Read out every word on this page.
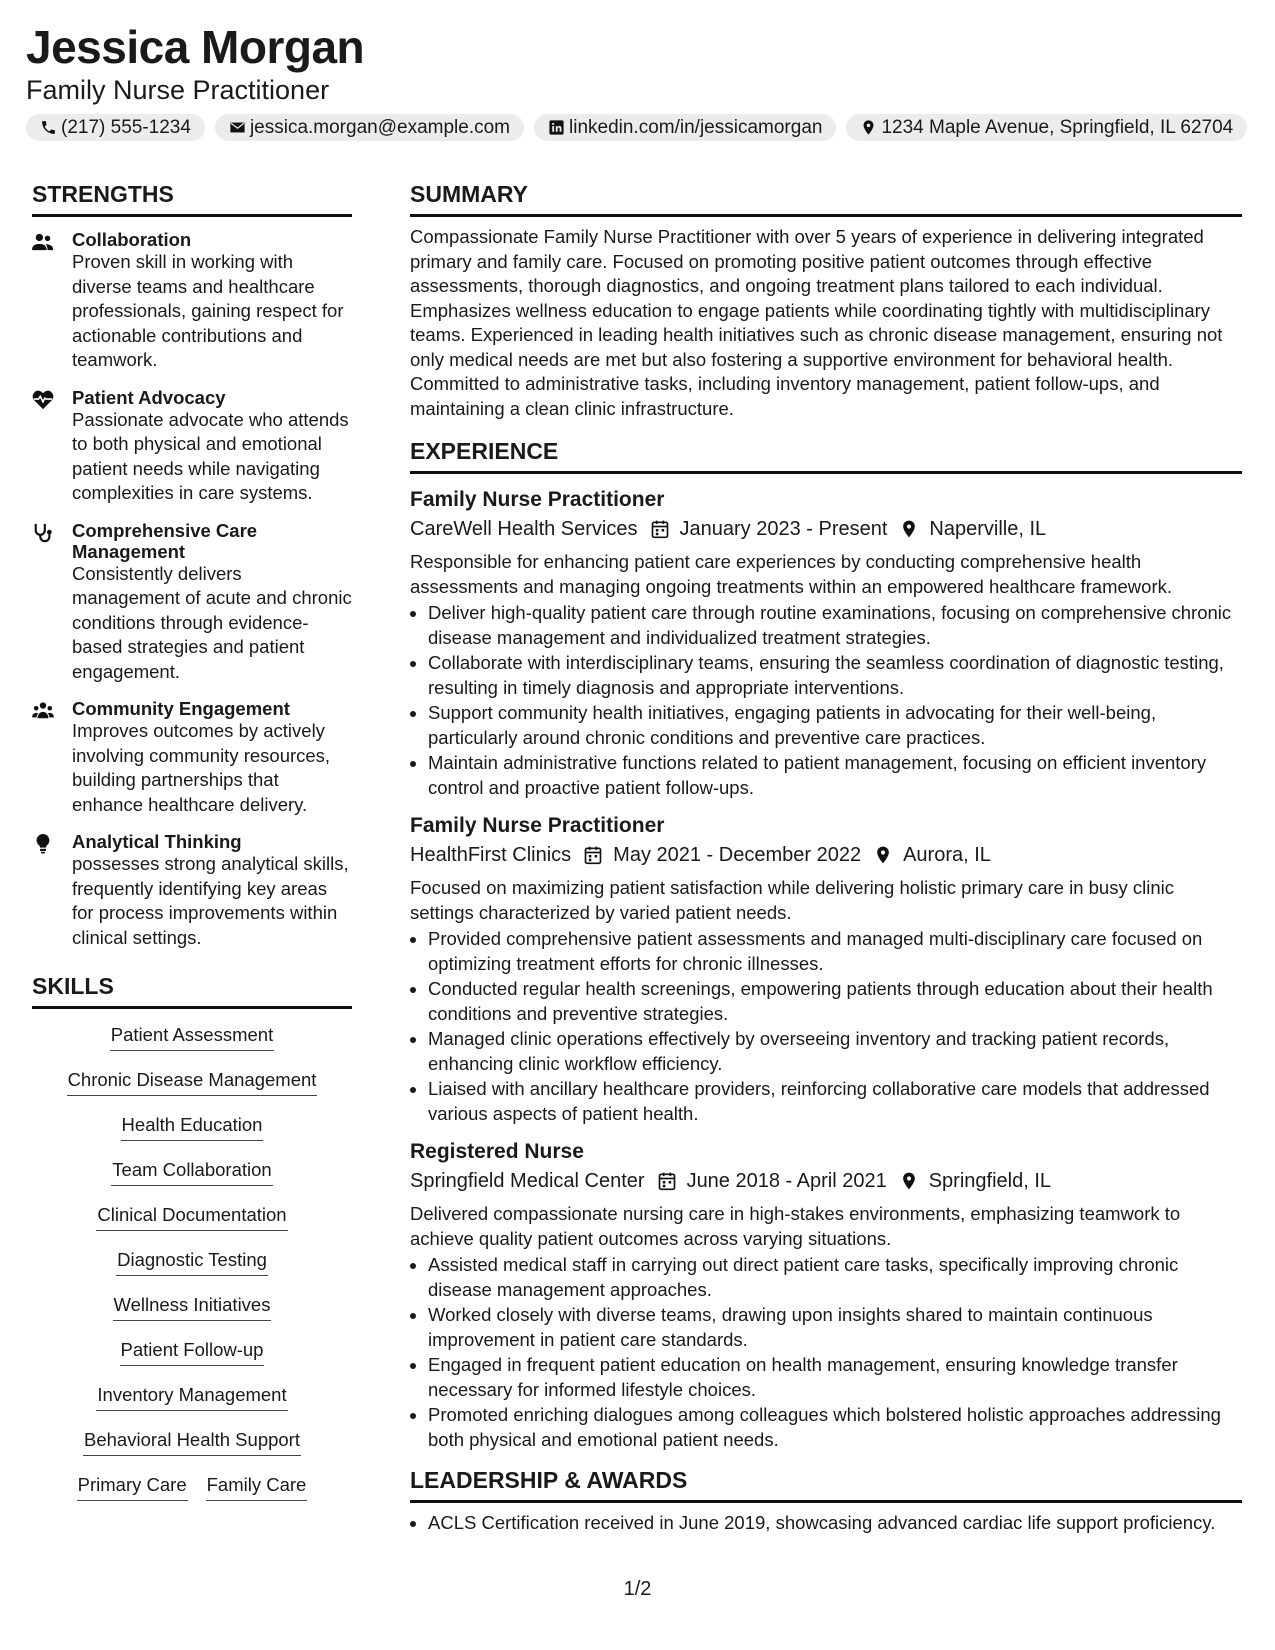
Jessica Morgan

Family Nurse Practitioner

(217) 555-1234	jessica.morgan@example.com	linkedin.com/in/jessicamorgan	1234 Maple Avenue, Springfield, IL 62704
STRENGTHS
Collaboration
Proven skill in working with diverse teams and healthcare professionals, gaining respect for actionable contributions and teamwork.
Patient Advocacy
Passionate advocate who attends to both physical and emotional patient needs while navigating complexities in care systems.
Comprehensive Care Management
Consistently delivers management of acute and chronic conditions through evidence-based strategies and patient engagement.
Community Engagement
Improves outcomes by actively involving community resources, building partnerships that enhance healthcare delivery.
Analytical Thinking
possesses strong analytical skills, frequently identifying key areas for process improvements within clinical settings.
SKILLS
Patient Assessment
Chronic Disease Management
Health Education
Team Collaboration
Clinical Documentation
Diagnostic Testing
Wellness Initiatives
Patient Follow-up
Inventory Management
Behavioral Health Support
Primary Care Family Care
SUMMARY

Compassionate Family Nurse Practitioner with over 5 years of experience in delivering integrated primary and family care. Focused on promoting positive patient outcomes through effective assessments, thorough diagnostics, and ongoing treatment plans tailored to each individual. Emphasizes wellness education to engage patients while coordinating tightly with multidisciplinary teams. Experienced in leading health initiatives such as chronic disease management, ensuring not only medical needs are met but also fostering a supportive environment for behavioral health. Committed to administrative tasks, including inventory management, patient follow-ups, and maintaining a clean clinic infrastructure.

EXPERIENCE
Family Nurse Practitioner
CareWell Health Services January 2023 - Present Naperville, IL
Responsible for enhancing patient care experiences by conducting comprehensive health assessments and managing ongoing treatments within an empowered healthcare framework.
• Deliver high-quality patient care through routine examinations, focusing on comprehensive chronic disease management and individualized treatment strategies.
• Collaborate with interdisciplinary teams, ensuring the seamless coordination of diagnostic testing, resulting in timely diagnosis and appropriate interventions.
• Support community health initiatives, engaging patients in advocating for their well-being, particularly around chronic conditions and preventive care practices.
• Maintain administrative functions related to patient management, focusing on efficient inventory control and proactive patient follow-ups.
Family Nurse Practitioner
HealthFirst Clinics May 2021 - December 2022 Aurora, IL
Focused on maximizing patient satisfaction while delivering holistic primary care in busy clinic settings characterized by varied patient needs.
• Provided comprehensive patient assessments and managed multi-disciplinary care focused on optimizing treatment efforts for chronic illnesses.
• Conducted regular health screenings, empowering patients through education about their health conditions and preventive strategies.
• Managed clinic operations effectively by overseeing inventory and tracking patient records, enhancing clinic workflow efficiency.
• Liaised with ancillary healthcare providers, reinforcing collaborative care models that addressed various aspects of patient health.
Registered Nurse
Springfield Medical Center June 2018 - April 2021 Springfield, IL
Delivered compassionate nursing care in high-stakes environments, emphasizing teamwork to achieve quality patient outcomes across varying situations.
• Assisted medical staff in carrying out direct patient care tasks, specifically improving chronic disease management approaches.
• Worked closely with diverse teams, drawing upon insights shared to maintain continuous improvement in patient care standards.
• Engaged in frequent patient education on health management, ensuring knowledge transfer necessary for informed lifestyle choices.
• Promoted enriching dialogues among colleagues which bolstered holistic approaches addressing both physical and emotional patient needs.
LEADERSHIP & AWARDS
• ACLS Certification received in June 2019, showcasing advanced cardiac life support proficiency.
1/2
